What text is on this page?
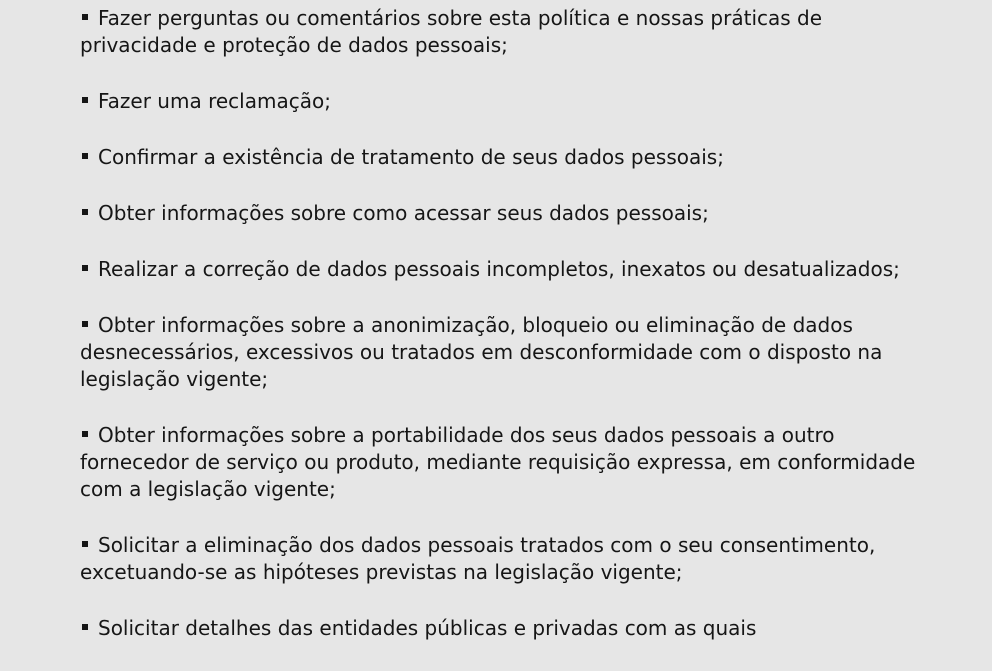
Fazer perguntas ou comentários sobre esta política e nossas práticas de privacidade e proteção de dados pessoais;
Fazer uma reclamação;
Confirmar a existência de tratamento de seus dados pessoais;
Obter informações sobre como acessar seus dados pessoais;
Realizar a correção de dados pessoais incompletos, inexatos ou desatualizados;
Obter informações sobre a anonimização, bloqueio ou eliminação de dados desnecessários, excessivos ou tratados em desconformidade com o disposto na legislação vigente;
Obter informações sobre a portabilidade dos seus dados pessoais a outro fornecedor de serviço ou produto, mediante requisição expressa, em conformidade com a legislação vigente;
Solicitar a eliminação dos dados pessoais tratados com o seu consentimento, excetuando-se as hipóteses previstas na legislação vigente;
Solicitar detalhes das entidades públicas e privadas com as quais
